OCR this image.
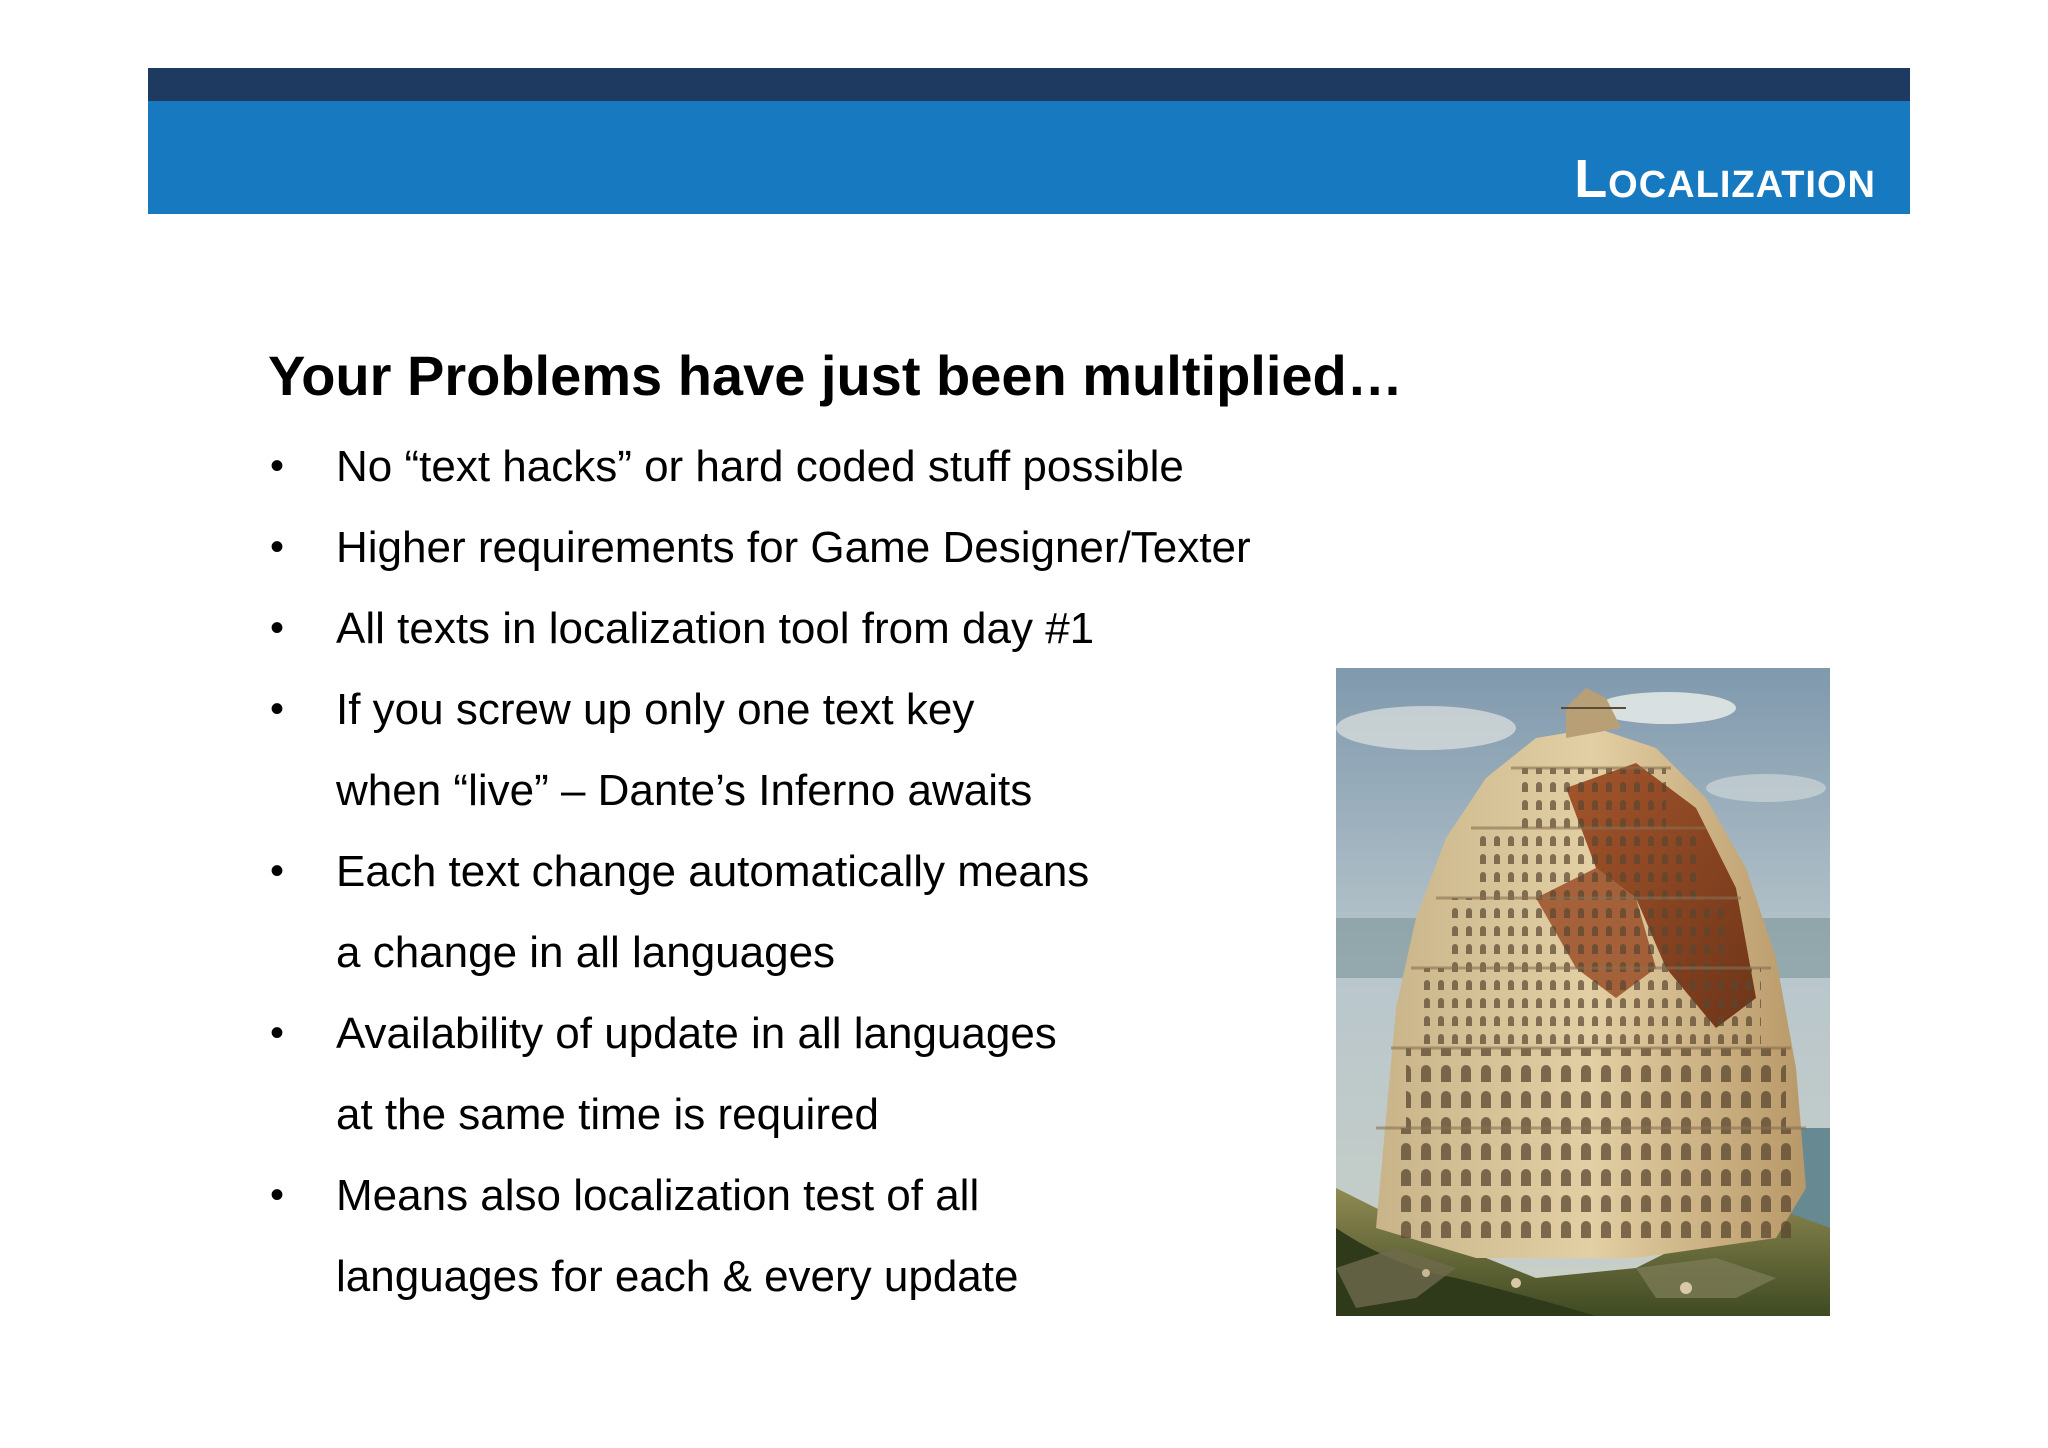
Localization
Your Problems have just been multiplied…
• No “text hacks” or hard coded stuff possible
• Higher requirements for Game Designer/Texter
• All texts in localization tool from day #1
• If you screw up only one text key
when “live” – Dante’s Inferno awaits
• Each text change automatically means
a change in all languages
• Availability of update in all languages
at the same time is required
• Means also localization test of all
languages for each & every update
